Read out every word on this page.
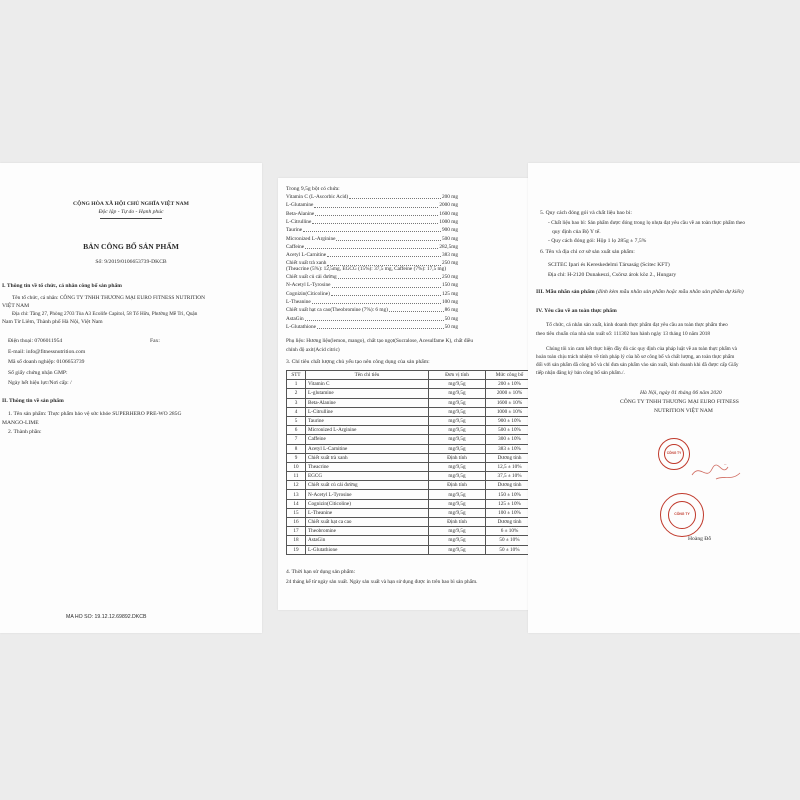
CỘNG HÒA XÃ HỘI CHỦ NGHĨA VIỆT NAM
Độc lập - Tự do - Hạnh phúc
BẢN CÔNG BỐ SẢN PHẨM
Số: 9/2019/0106653739-DKCB
I. Thông tin về tổ chức, cá nhân công bố sản phẩm
Tên tổ chức, cá nhân: CÔNG TY TNHH THƯƠNG MẠI EURO FITNESS NUTRITION
VIỆT NAM
Địa chỉ: Tầng 27, Phòng 2703 Tòa A3 Ecolife Capitol, 58 Tố Hữu, Phường Mễ Trì, Quận
Nam Từ Liêm, Thành phố Hà Nội, Việt Nam
Điện thoại: 0706011954	Fax:
E-mail: info@fitnessnutrition.com
Mã số doanh nghiệp: 0106653739
Số giấy chứng nhận GMP:
Ngày hết hiệu lực/Nơi cấp: /
II. Thông tin về sản phẩm
1. Tên sản phẩm: Thực phẩm bảo vệ sức khỏe SUPERHERO PRE-WO 285G
MANGO-LIME
2. Thành phần:
MA HO SO: 19.12.12.69892.DKCB
Trong 9,5g bột có chứa:
Vitamin C (L-Ascorbic Acid)	200 mg
L-Glutamine	2000 mg
Beta-Alanine	1600 mg
L-Citrulline	1000 mg
Taurine	900 mg
Micronized L-Arginine	500 mg
Caffeine	282,5mg
Acetyl L-Carnitine	383 mg
Chiết xuất trà xanh	250 mg
(Theacrine (5%): 12,5mg, EGCG (15%): 37,5 mg, Caffeine (7%): 17,5 mg)
Chiết xuất củ cải đường	250 mg
N-Acetyl L-Tyrosine	150 mg
Cognizin(Citicoline)	125 mg
L-Theanine	100 mg
Chiết xuất hạt ca cao(Theobromine (7%): 6 mg)	86 mg
AstaGin	50 mg
L-Glutathione	50 mg
Phụ liệu: Hương liệu(lemon, mango), chất tạo ngọt(Sucralose, Acesulfame K), chất điều
chỉnh độ axit(Acid citric)
3. Chỉ tiêu chất lượng chủ yếu tạo nên công dụng của sản phẩm:
STT	Tên chỉ tiêu	Đơn vị tính	Mức công bố
1	Vitamin C	mg/9,5g	200 ± 10%
2	L-glutamine	mg/9,5g	2000 ± 10%
3	Beta-Alanine	mg/9,5g	1600 ± 10%
4	L-Citrulline	mg/9,5g	1000 ± 10%
5	Taurine	mg/9,5g	900 ± 10%
6	Micronized L-Arginine	mg/9,5g	500 ± 10%
7	Caffeine	mg/9,5g	300 ± 10%
8	Acetyl L-Carnitine	mg/9,5g	383 ± 10%
9	Chiết xuất trà xanh	Định tính	Dương tính
10	Theacrine	mg/9,5g	12,5 ± 10%
11	EGCG	mg/9,5g	37,5 ± 10%
12	Chiết xuất củ cải đường	Định tính	Dương tính
13	N-Acetyl L-Tyrosine	mg/9,5g	150 ± 10%
14	Cognizin(Citicoline)	mg/9,5g	125 ± 10%
15	L-Theanine	mg/9,5g	100 ± 10%
16	Chiết xuất hạt ca cao	Định tính	Dương tính
17	Theobromine	mg/9,5g	6 ± 10%
18	AstaGin	mg/9,5g	50 ± 10%
19	L-Glutathione	mg/9,5g	50 ± 10%
4. Thời hạn sử dụng sản phẩm:
24 tháng kể từ ngày sản xuất. Ngày sản xuất và hạn sử dụng được in trên bao bì sản phẩm.
5. Quy cách đóng gói và chất liệu bao bì:
- Chất liệu bao bì: Sản phẩm được đóng trong lọ nhựa đạt yêu cầu về an toàn thực phẩm theo
quy định của Bộ Y tế.
- Quy cách đóng gói: Hộp 1 lọ 285g ± 7,5%
6. Tên và địa chỉ cơ sở sản xuất sản phẩm:
SCITEC Ipari és Kereskedelmi Társaság (Scitec KFT)
Địa chỉ: H-2120 Dunakeszi, Csörsz árok köz 2., Hungary
III. Mẫu nhãn sản phẩm (đính kèm mẫu nhãn sản phẩm hoặc mẫu nhãn sản phẩm dự kiến)
IV. Yêu cầu về an toàn thực phẩm
Tổ chức, cá nhân sản xuất, kinh doanh thực phẩm đạt yêu cầu an toàn thực phẩm theo
theo tiêu chuẩn của nhà sản xuất số: 111302 ban hành ngày 13 tháng 10 năm 2018
Chúng tôi xin cam kết thực hiện đầy đủ các quy định của pháp luật về an toàn thực phẩm và
hoàn toàn chịu trách nhiệm về tính pháp lý của hồ sơ công bố và chất lượng, an toàn thực phẩm
đối với sản phẩm đã công bố và chỉ đưa sản phẩm vào sản xuất, kinh doanh khi đã được cấp Giấy
tiếp nhận đăng ký bản công bố sản phẩm./.
Hà Nội, ngày 01 tháng 06 năm 2020
CÔNG TY TNHH THƯƠNG MẠI EURO FITNESS
NUTRITION VIỆT NAM
CÔNG TY
~
CÔNG TY
Hoàng Đỗ
